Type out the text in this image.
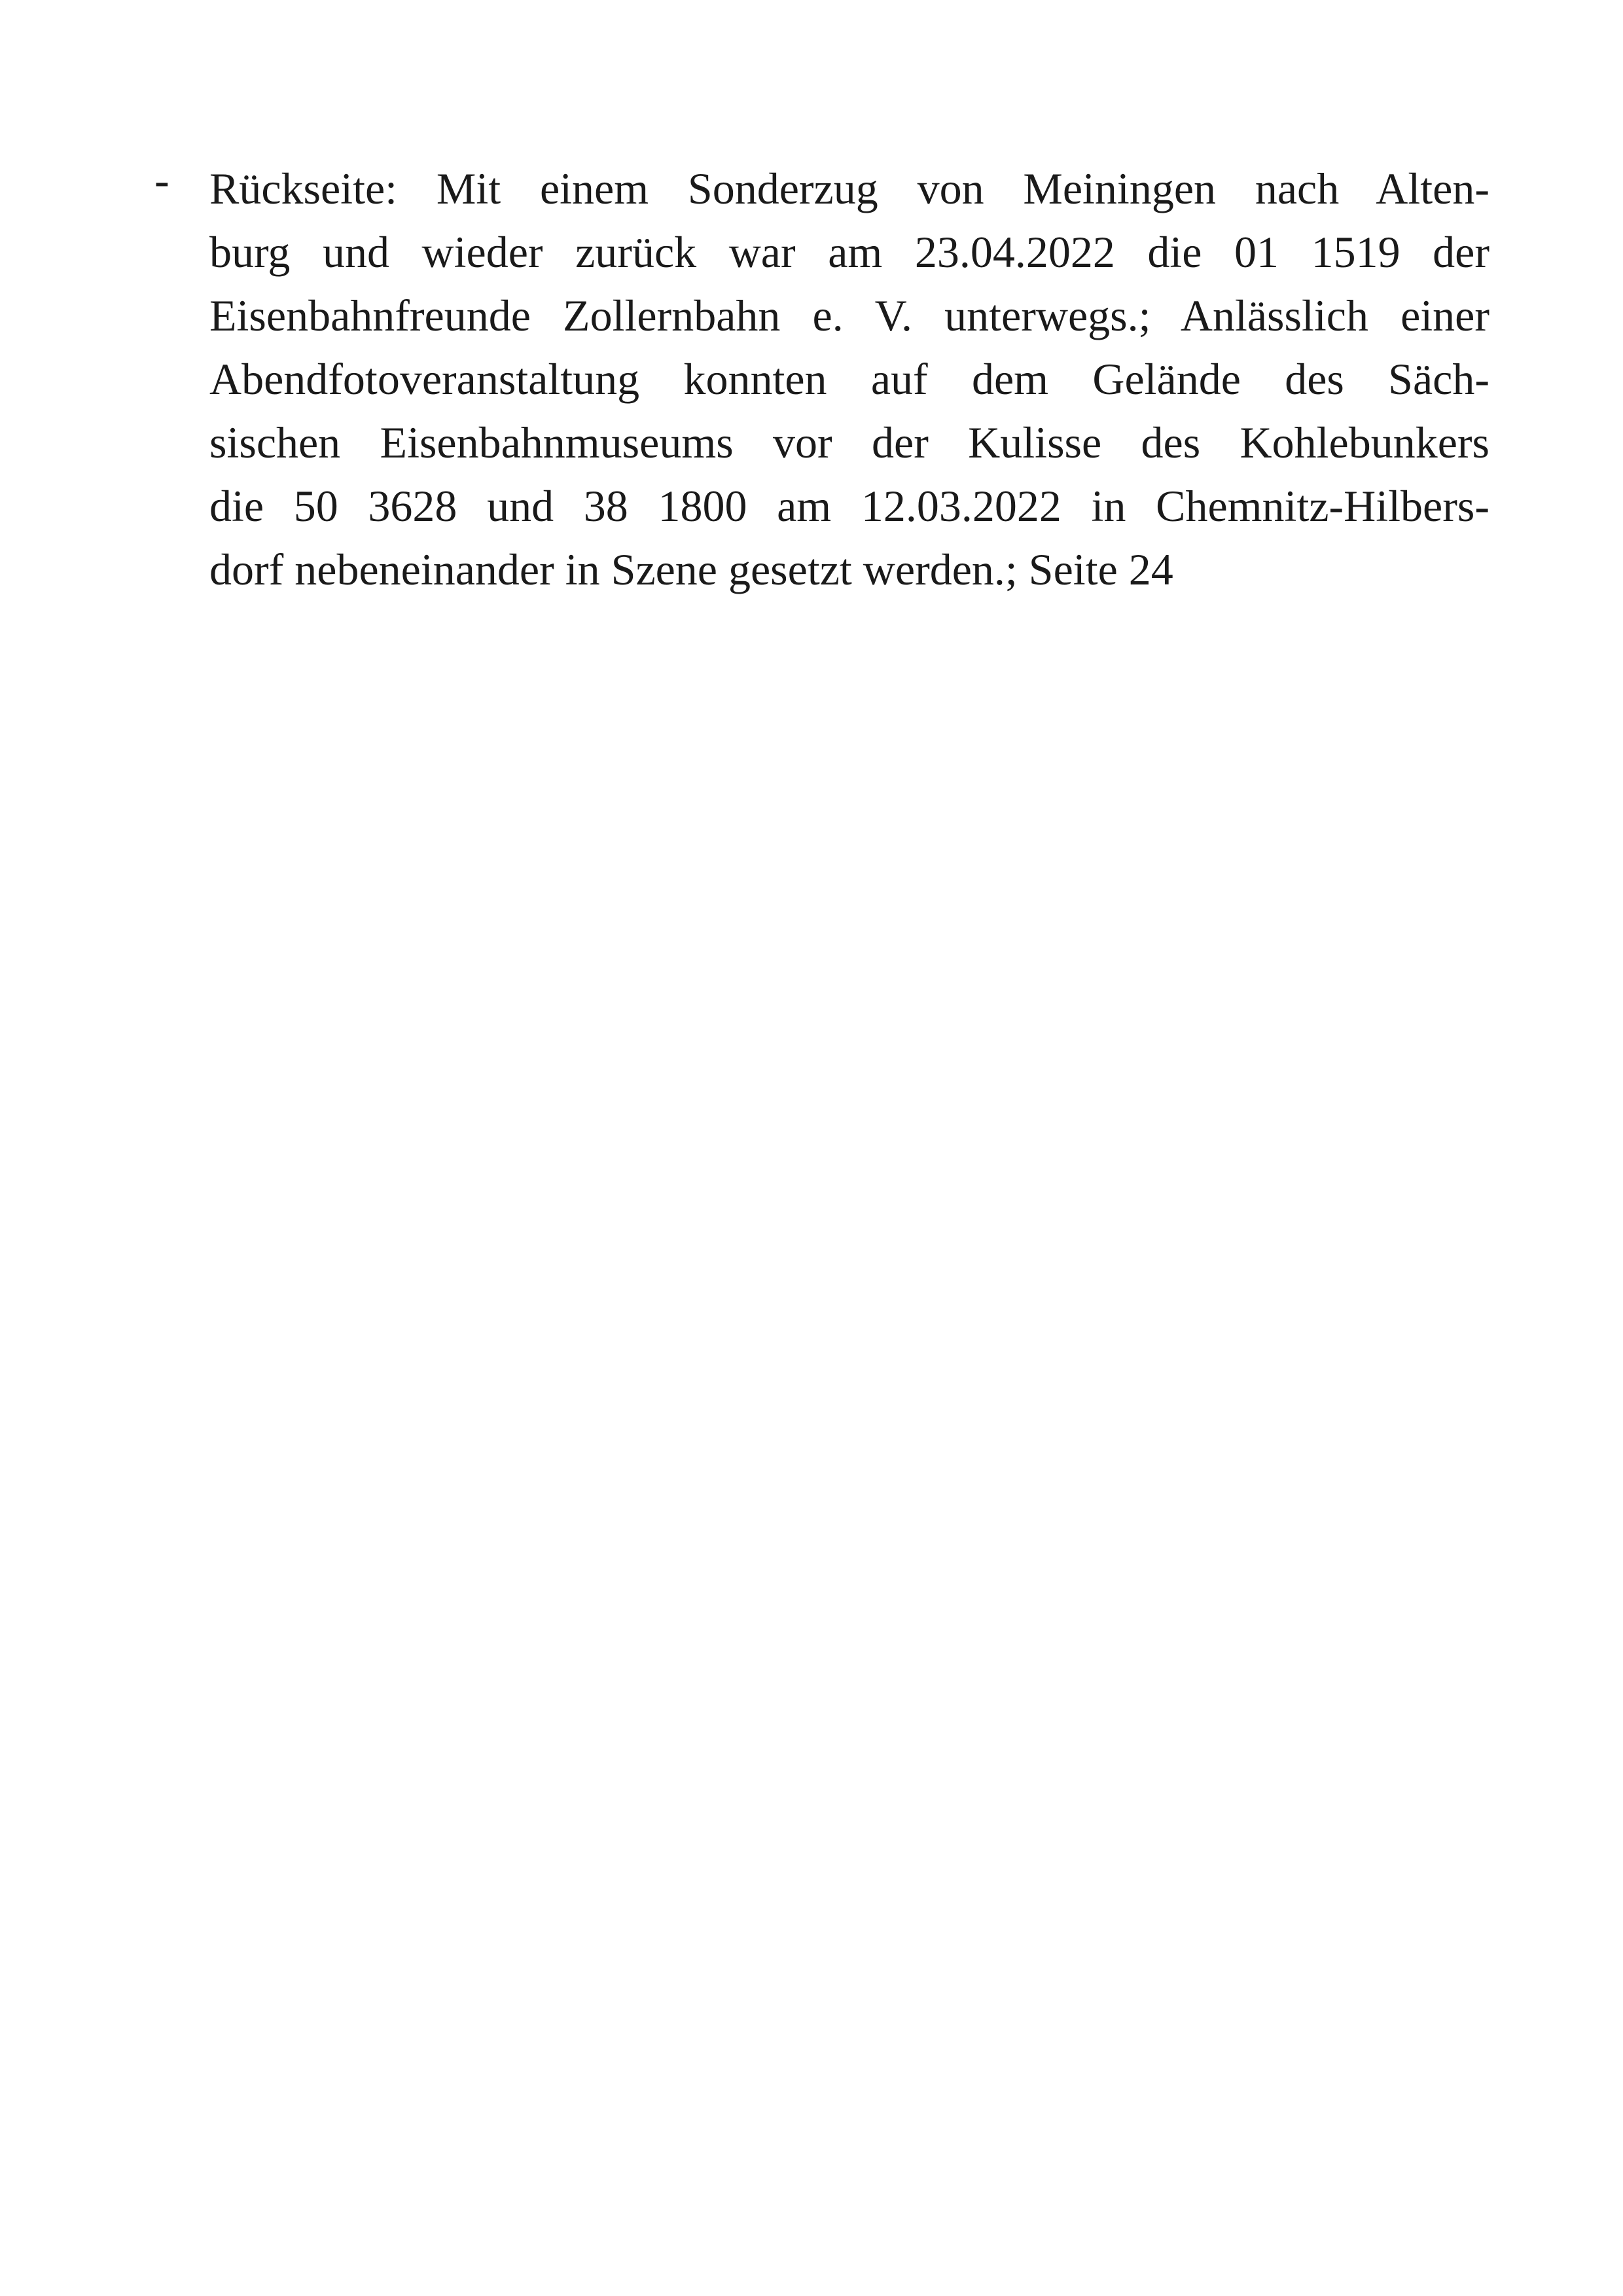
- Rückseite: Mit einem Sonderzug von Meiningen nach Alten-
burg und wieder zurück war am 23.04.2022 die 01 1519 der
Eisenbahnfreunde Zollernbahn e. V. unterwegs.; Anlässlich einer
Abendfotoveranstaltung konnten auf dem Gelände des Säch-
sischen Eisenbahnmuseums vor der Kulisse des Kohlebunkers
die 50 3628 und 38 1800 am 12.03.2022 in Chemnitz-Hilbers-
dorf nebeneinander in Szene gesetzt werden.; Seite 24
